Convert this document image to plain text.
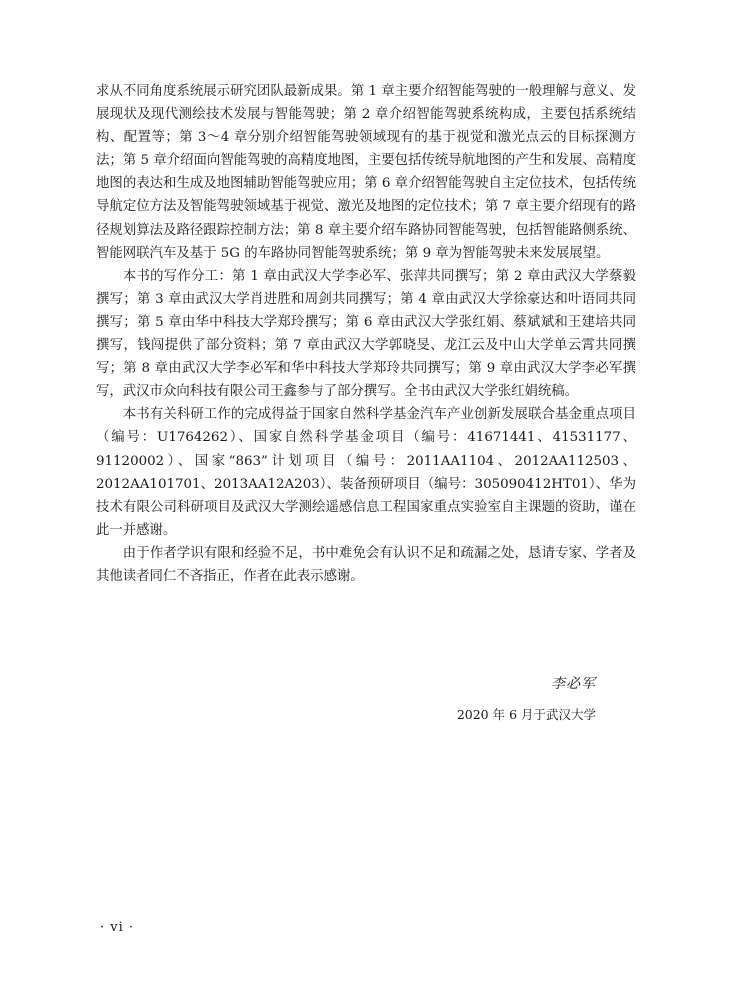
求从不同角度系统展示研究团队最新成果。第 1 章主要介绍智能驾驶的一般理解与意义、发展现状及现代测绘技术发展与智能驾驶；第 2 章介绍智能驾驶系统构成，主要包括系统结构、配置等；第 3～4 章分别介绍智能驾驶领域现有的基于视觉和激光点云的目标探测方法；第 5 章介绍面向智能驾驶的高精度地图，主要包括传统导航地图的产生和发展、高精度地图的表达和生成及地图辅助智能驾驶应用；第 6 章介绍智能驾驶自主定位技术，包括传统导航定位方法及智能驾驶领域基于视觉、激光及地图的定位技术；第 7 章主要介绍现有的路径规划算法及路径跟踪控制方法；第 8 章主要介绍车路协同智能驾驶，包括智能路侧系统、智能网联汽车及基于 5G 的车路协同智能驾驶系统；第 9 章为智能驾驶未来发展展望。

本书的写作分工：第 1 章由武汉大学李必军、张萍共同撰写；第 2 章由武汉大学蔡毅撰写；第 3 章由武汉大学肖进胜和周剑共同撰写；第 4 章由武汉大学徐豪达和叶语同共同撰写；第 5 章由华中科技大学郑玲撰写；第 6 章由武汉大学张红娟、蔡斌斌和王建培共同撰写，钱闯提供了部分资料；第 7 章由武汉大学郭晓旻、龙江云及中山大学单云霄共同撰写；第 8 章由武汉大学李必军和华中科技大学郑玲共同撰写；第 9 章由武汉大学李必军撰写，武汉市众向科技有限公司王鑫参与了部分撰写。全书由武汉大学张红娟统稿。

本书有关科研工作的完成得益于国家自然科学基金汽车产业创新发展联合基金重点项目（编号：U1764262）、国家自然科学基金项目（编号：41671441、41531177、91120002）、国家“863”计划项目（编号：2011AA1104、2012AA112503、2012AA101701、2013AA12A203）、装备预研项目（编号：305090412HT01）、华为技术有限公司科研项目及武汉大学测绘遥感信息工程国家重点实验室自主课题的资助，谨在此一并感谢。

由于作者学识有限和经验不足，书中难免会有认识不足和疏漏之处，恳请专家、学者及其他读者同仁不吝指正，作者在此表示感谢。

李必军
2020 年 6 月于武汉大学
· vi ·
